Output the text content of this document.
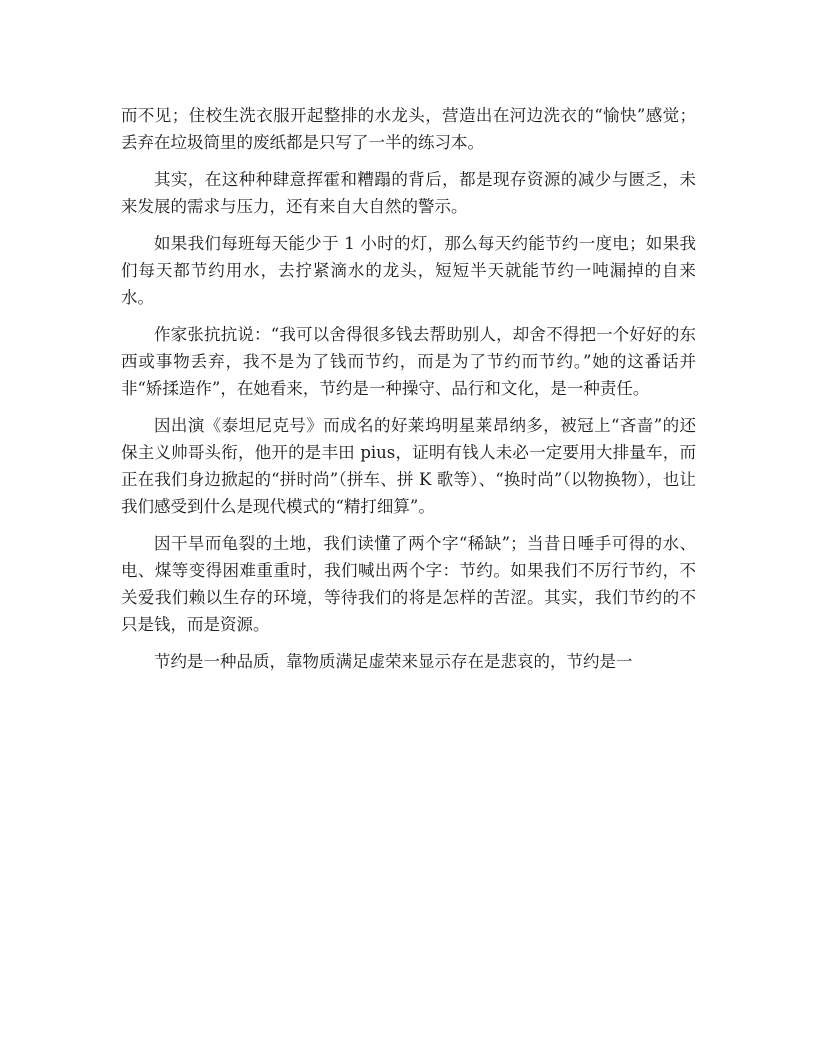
而不见；住校生洗衣服开起整排的水龙头，营造出在河边洗衣的“愉快”感觉；丢弃在垃圾筒里的废纸都是只写了一半的练习本。

其实，在这种种肆意挥霍和糟蹋的背后，都是现存资源的减少与匮乏，未来发展的需求与压力，还有来自大自然的警示。

如果我们每班每天能少于 1 小时的灯，那么每天约能节约一度电；如果我们每天都节约用水，去拧紧滴水的龙头，短短半天就能节约一吨漏掉的自来水。

作家张抗抗说：“我可以舍得很多钱去帮助别人，却舍不得把一个好好的东西或事物丢弃，我不是为了钱而节约，而是为了节约而节约。”她的这番话并非“矫揉造作”，在她看来，节约是一种操守、品行和文化，是一种责任。

因出演《泰坦尼克号》而成名的好莱坞明星莱昂纳多，被冠上“吝啬”的还保主义帅哥头衔，他开的是丰田 pius，证明有钱人未必一定要用大排量车，而正在我们身边掀起的“拼时尚”（拼车、拼 K 歌等）、“换时尚”（以物换物），也让我们感受到什么是现代模式的“精打细算”。

因干旱而龟裂的土地，我们读懂了两个字“稀缺”；当昔日唾手可得的水、电、煤等变得困难重重时，我们喊出两个字：节约。如果我们不厉行节约，不关爱我们赖以生存的环境，等待我们的将是怎样的苦涩。其实，我们节约的不只是钱，而是资源。

节约是一种品质，靠物质满足虚荣来显示存在是悲哀的，节约是一
